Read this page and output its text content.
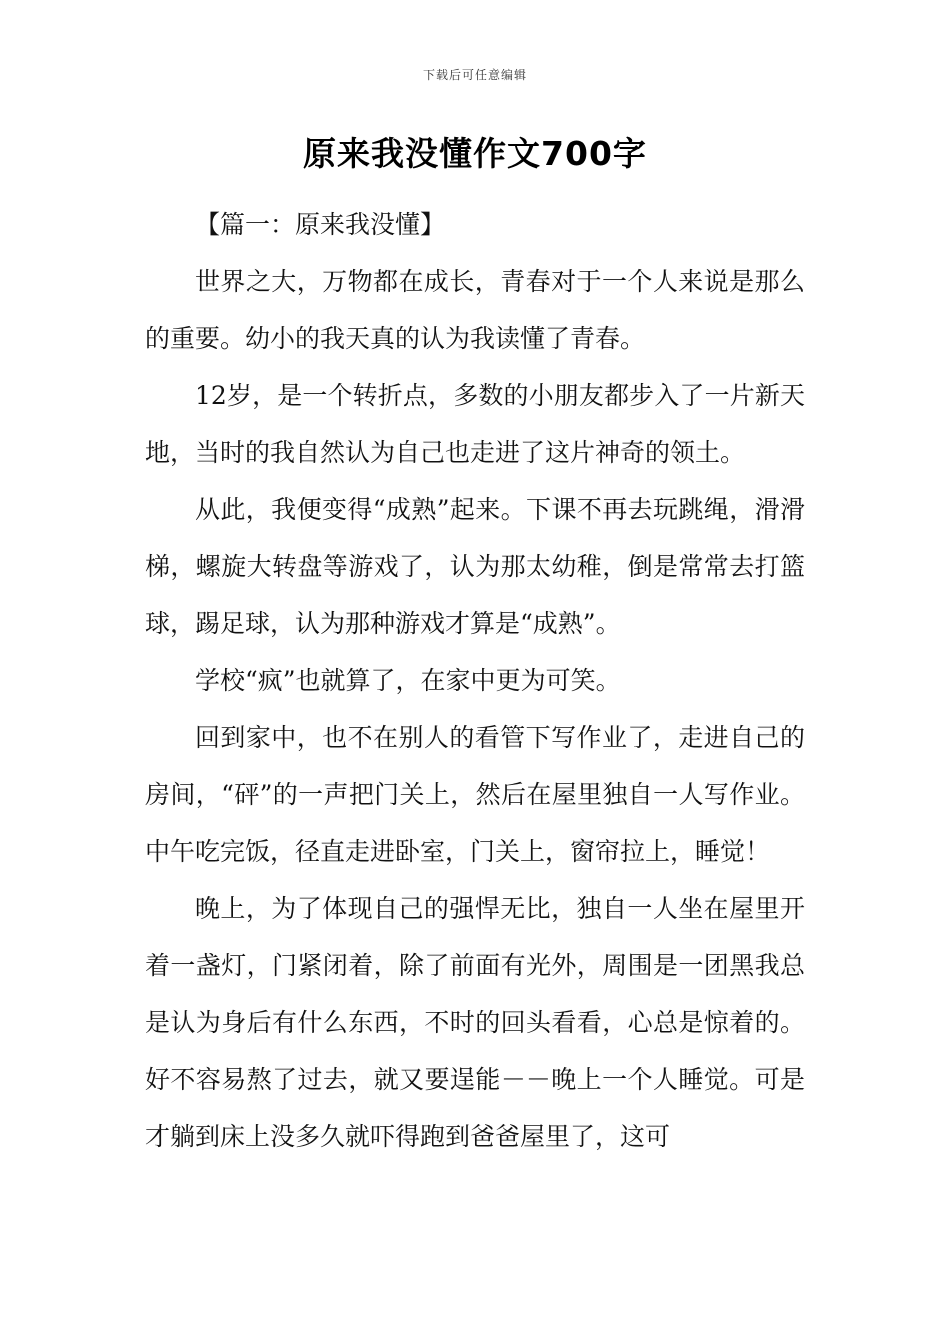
下载后可任意编辑
原来我没懂作文700字

【篇一：原来我没懂】

世界之大，万物都在成长，青春对于一个人来说是那么的重要。幼小的我天真的认为我读懂了青春。

12岁，是一个转折点，多数的小朋友都步入了一片新天地，当时的我自然认为自己也走进了这片神奇的领土。

从此，我便变得“成熟”起来。下课不再去玩跳绳，滑滑梯，螺旋大转盘等游戏了，认为那太幼稚，倒是常常去打篮球，踢足球，认为那种游戏才算是“成熟”。

学校“疯”也就算了，在家中更为可笑。

回到家中，也不在别人的看管下写作业了，走进自己的房间，“砰”的一声把门关上，然后在屋里独自一人写作业。中午吃完饭，径直走进卧室，门关上，窗帘拉上，睡觉！

晚上，为了体现自己的强悍无比，独自一人坐在屋里开着一盏灯，门紧闭着，除了前面有光外，周围是一团黑我总是认为身后有什么东西，不时的回头看看，心总是惊着的。好不容易熬了过去，就又要逞能－－晚上一个人睡觉。可是才躺到床上没多久就吓得跑到爸爸屋里了，这可
